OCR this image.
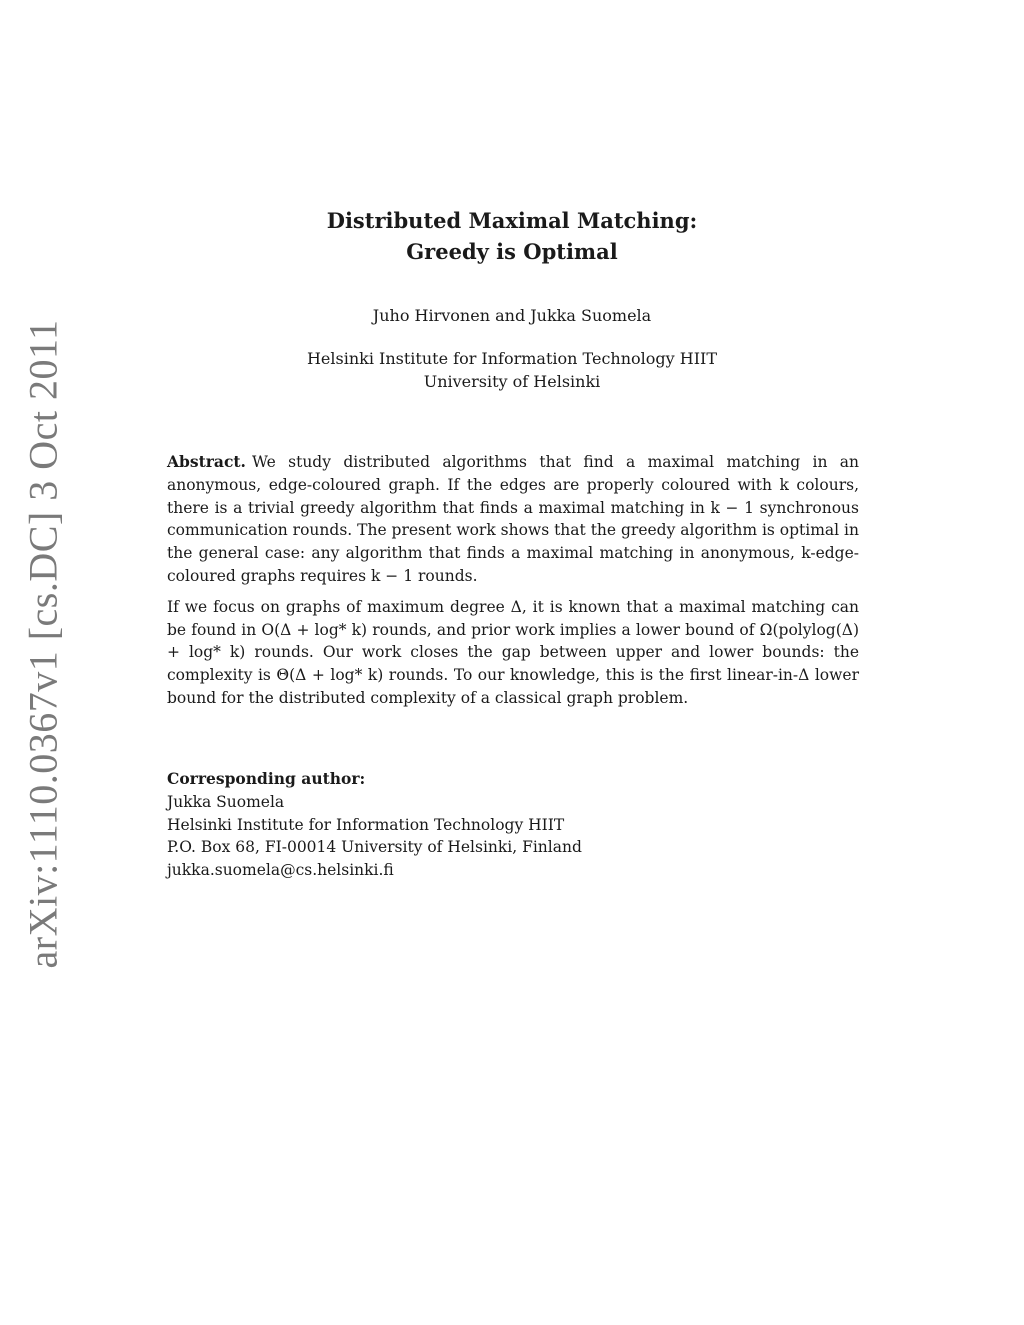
arXiv:1110.0367v1 [cs.DC] 3 Oct 2011
Distributed Maximal Matching:
Greedy is Optimal
Juho Hirvonen and Jukka Suomela
Helsinki Institute for Information Technology HIIT
University of Helsinki

Abstract. We study distributed algorithms that find a maximal matching in an anonymous, edge-coloured graph. If the edges are properly coloured with k colours, there is a trivial greedy algorithm that finds a maximal matching in k − 1 synchronous communication rounds. The present work shows that the greedy algorithm is optimal in the general case: any algorithm that finds a maximal matching in anonymous, k-edge-coloured graphs requires k − 1 rounds.

If we focus on graphs of maximum degree Δ, it is known that a maximal matching can be found in O(Δ + log* k) rounds, and prior work implies a lower bound of Ω(polylog(Δ) + log* k) rounds. Our work closes the gap between upper and lower bounds: the complexity is Θ(Δ + log* k) rounds. To our knowledge, this is the first linear-in-Δ lower bound for the distributed complexity of a classical graph problem.

Corresponding author:
Jukka Suomela
Helsinki Institute for Information Technology HIIT
P.O. Box 68, FI-00014 University of Helsinki, Finland
jukka.suomela@cs.helsinki.fi
